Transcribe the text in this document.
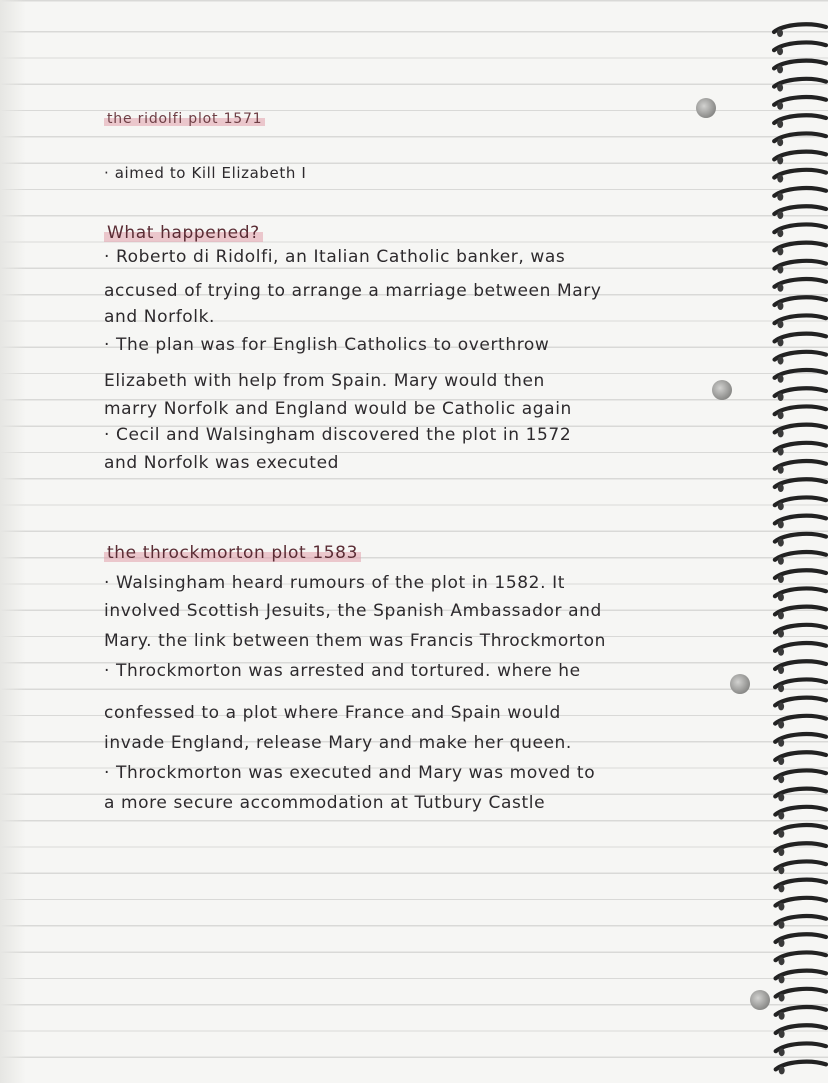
the ridolfi plot 1571

· aimed to Kill Elizabeth I

What happened?

· Roberto di Ridolfi, an Italian Catholic banker, was

accused of trying to arrange a marriage between Mary

and Norfolk.

· The plan was for English Catholics to overthrow

Elizabeth with help from Spain. Mary would then

marry Norfolk and England would be Catholic again

· Cecil and Walsingham discovered the plot in 1572

and Norfolk was executed

the throckmorton plot 1583

· Walsingham heard rumours of the plot in 1582. It

involved Scottish Jesuits, the Spanish Ambassador and

Mary. the link between them was Francis Throckmorton

· Throckmorton was arrested and tortured. where he

confessed to a plot where France and Spain would

invade England, release Mary and make her queen.

· Throckmorton was executed and Mary was moved to

a more secure accommodation at Tutbury Castle
